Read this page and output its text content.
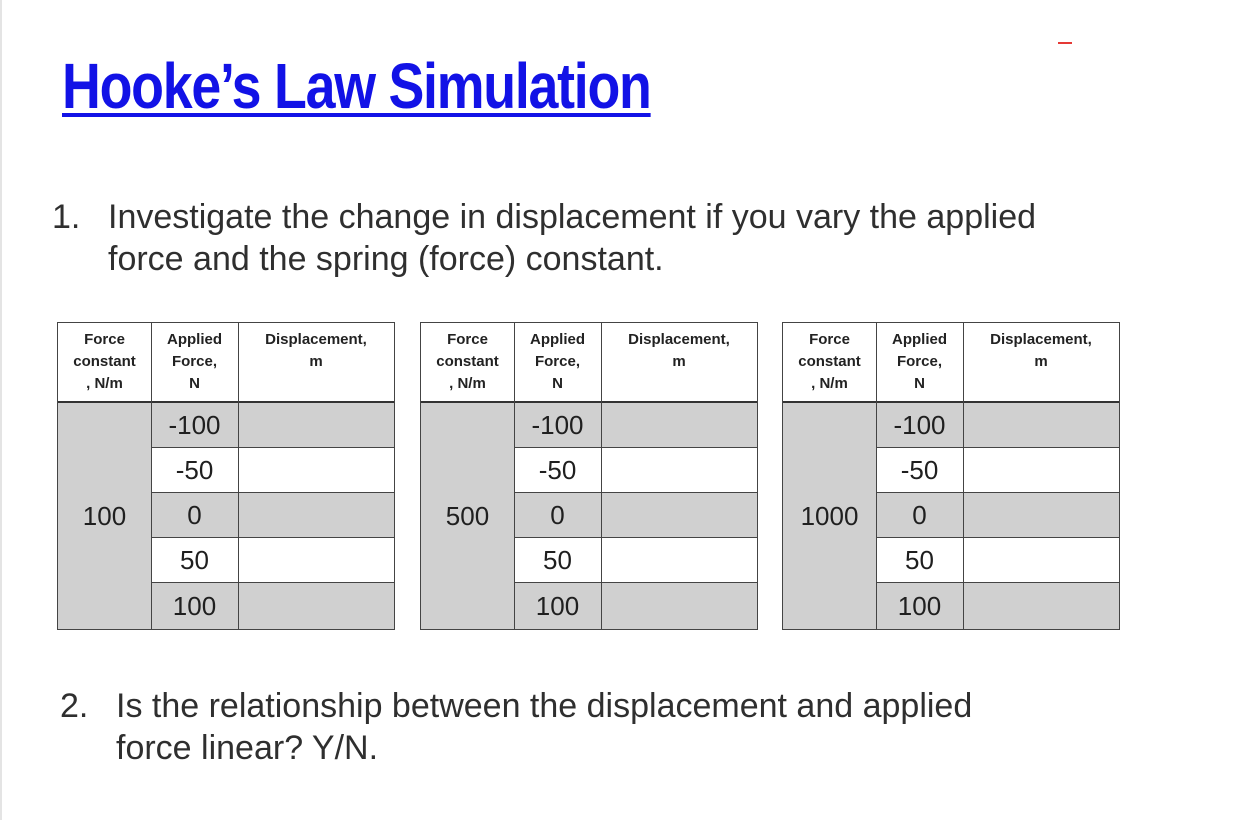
Hooke’s Law Simulation
1. Investigate the change in displacement if you vary the applied
force and the spring (force) constant.
Force
constant
, N/m
Applied
Force,
N
Displacement,
m
100
-100
-50
0
50
100
Force
constant
, N/m
Applied
Force,
N
Displacement,
m
500
-100
-50
0
50
100
Force
constant
, N/m
Applied
Force,
N
Displacement,
m
1000
-100
-50
0
50
100
2. Is the relationship between the displacement and applied
force linear? Y/N.
